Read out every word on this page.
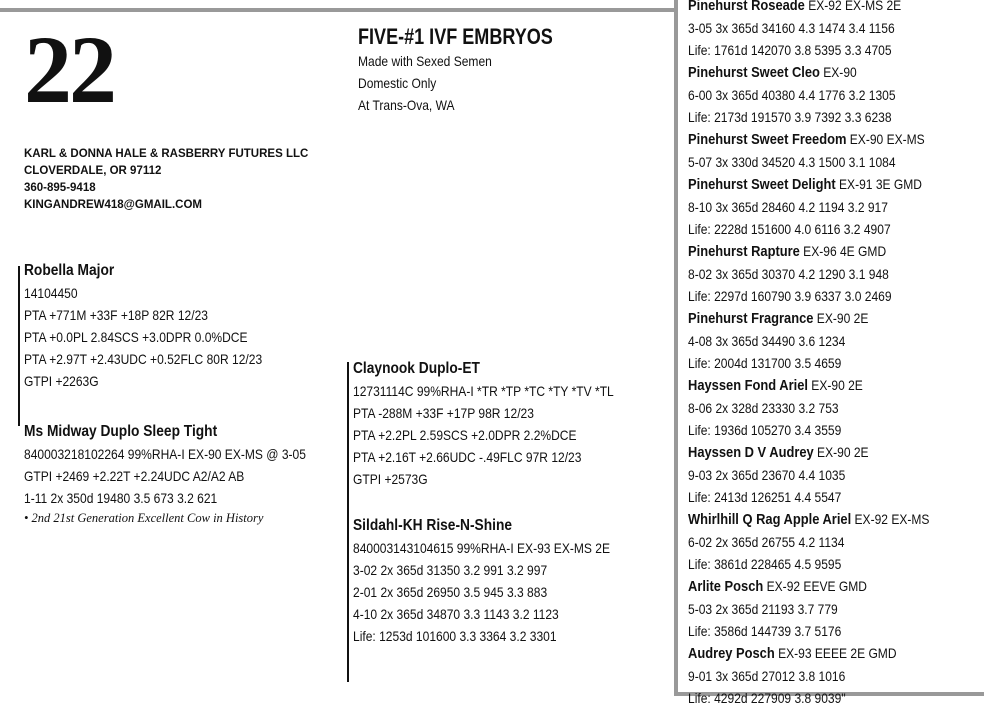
22	FIVE-#1 IVF EMBRYOS
Made with Sexed Semen
Domestic Only
At Trans-Ova, WA
KARL & DONNA HALE & RASBERRY FUTURES LLC
CLOVERDALE, OR 97112
360-895-9418
KINGANDREW418@GMAIL.COM
Robella Major
14104450
PTA +771M +33F +18P 82R 12/23
PTA +0.0PL 2.84SCS +3.0DPR 0.0%DCE
PTA +2.97T +2.43UDC +0.52FLC 80R 12/23
GTPI +2263G
Ms Midway Duplo Sleep Tight
840003218102264 99%RHA-I EX-90 EX-MS @ 3-05
GTPI +2469 +2.22T +2.24UDC A2/A2 AB
1-11 2x 350d 19480 3.5 673 3.2 621
• 2nd 21st Generation Excellent Cow in History
Claynook Duplo-ET
12731114C 99%RHA-I *TR *TP *TC *TY *TV *TL
PTA -288M +33F +17P 98R 12/23
PTA +2.2PL 2.59SCS +2.0DPR 2.2%DCE
PTA +2.16T +2.66UDC -.49FLC 97R 12/23
GTPI +2573G
Sildahl-KH Rise-N-Shine
840003143104615 99%RHA-I EX-93 EX-MS 2E
3-02 2x 365d 31350 3.2 991 3.2 997
2-01 2x 365d 26950 3.5 945 3.3 883
4-10 2x 365d 34870 3.3 1143 3.2 1123
Life: 1253d 101600 3.3 3364 3.2 3301
Pinehurst Roseade EX-92 EX-MS 2E
3-05 3x 365d 34160 4.3 1474 3.4 1156
Life: 1761d 142070 3.8 5395 3.3 4705
Pinehurst Sweet Cleo EX-90
6-00 3x 365d 40380 4.4 1776 3.2 1305
Life: 2173d 191570 3.9 7392 3.3 6238
Pinehurst Sweet Freedom EX-90 EX-MS
5-07 3x 330d 34520 4.3 1500 3.1 1084
Pinehurst Sweet Delight EX-91 3E GMD
8-10 3x 365d 28460 4.2 1194 3.2 917
Life: 2228d 151600 4.0 6116 3.2 4907
Pinehurst Rapture EX-96 4E GMD
8-02 3x 365d 30370 4.2 1290 3.1 948
Life: 2297d 160790 3.9 6337 3.0 2469
Pinehurst Fragrance EX-90 2E
4-08 3x 365d 34490 3.6 1234
Life: 2004d 131700 3.5 4659
Hayssen Fond Ariel EX-90 2E
8-06 2x 328d 23330 3.2 753
Life: 1936d 105270 3.4 3559
Hayssen D V Audrey EX-90 2E
9-03 2x 365d 23670 4.4 1035
Life: 2413d 126251 4.4 5547
Whirlhill Q Rag Apple Ariel EX-92 EX-MS
6-02 2x 365d 26755 4.2 1134
Life: 3861d 228465 4.5 9595
Arlite Posch EX-92 EEVE GMD
5-03 2x 365d 21193 3.7 779
Life: 3586d 144739 3.7 5176
Audrey Posch EX-93 EEEE 2E GMD
9-01 3x 365d 27012 3.8 1016
Life: 4292d 227909 3.8 9039"
